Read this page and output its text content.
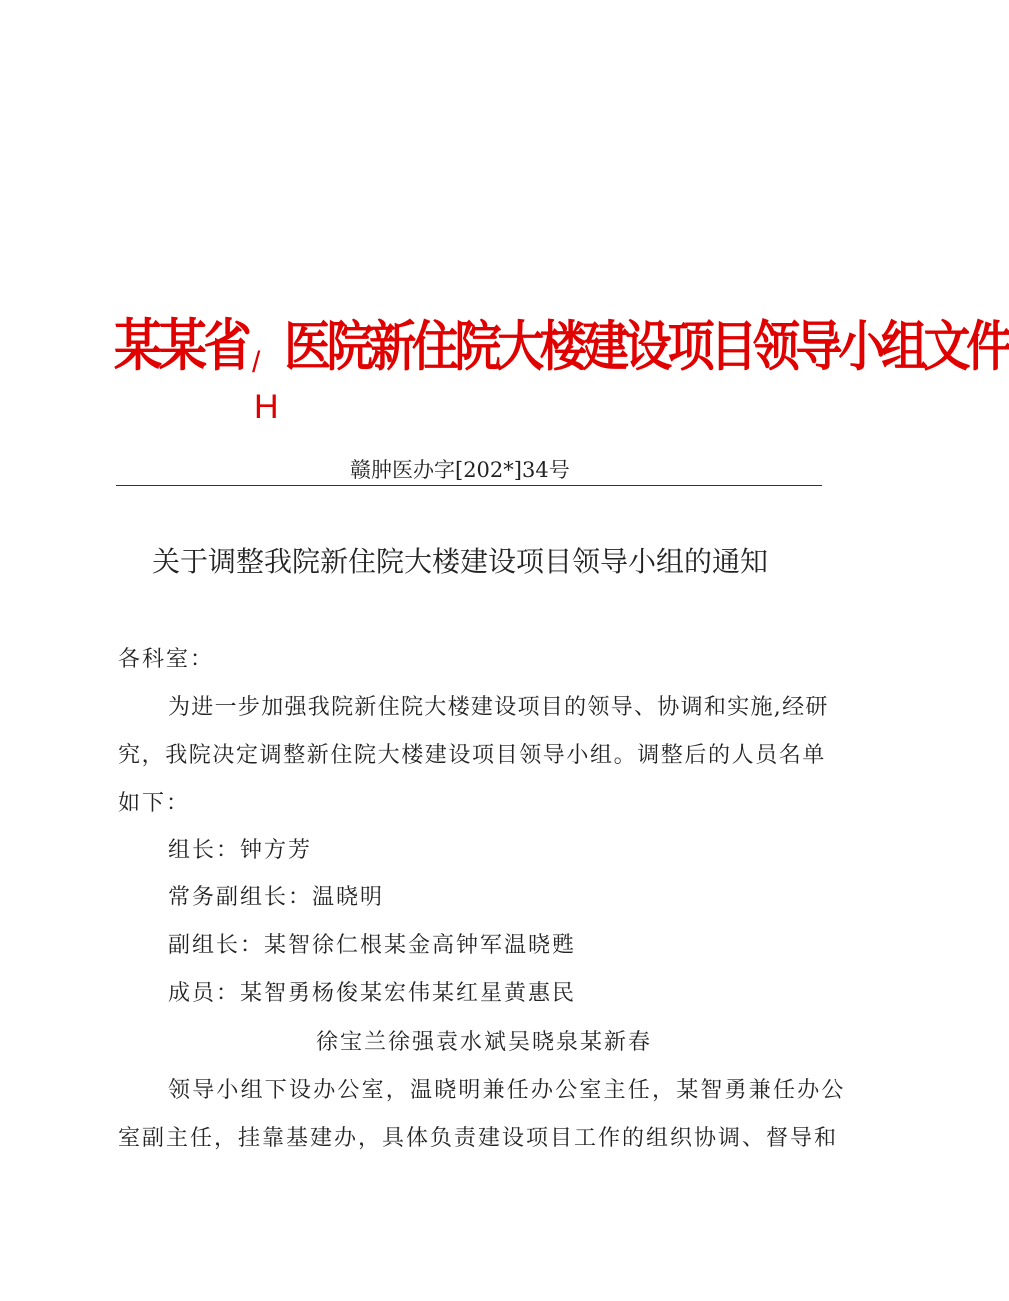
某某省 / 医院新住院大楼建设项目领导小组文件
H
赣肿医办字[202*]34号
关于调整我院新住院大楼建设项目领导小组的通知
各科室：
为进一步加强我院新住院大楼建设项目的领导、协调和实施,经研
究，我院决定调整新住院大楼建设项目领导小组。调整后的人员名单
如下：
组长：钟方芳
常务副组长：温晓明
副组长：某智徐仁根某金高钟军温晓甦
成员：某智勇杨俊某宏伟某红星黄惠民
徐宝兰徐强袁水斌吴晓泉某新春
领导小组下设办公室，温晓明兼任办公室主任，某智勇兼任办公
室副主任，挂靠基建办，具体负责建设项目工作的组织协调、督导和
